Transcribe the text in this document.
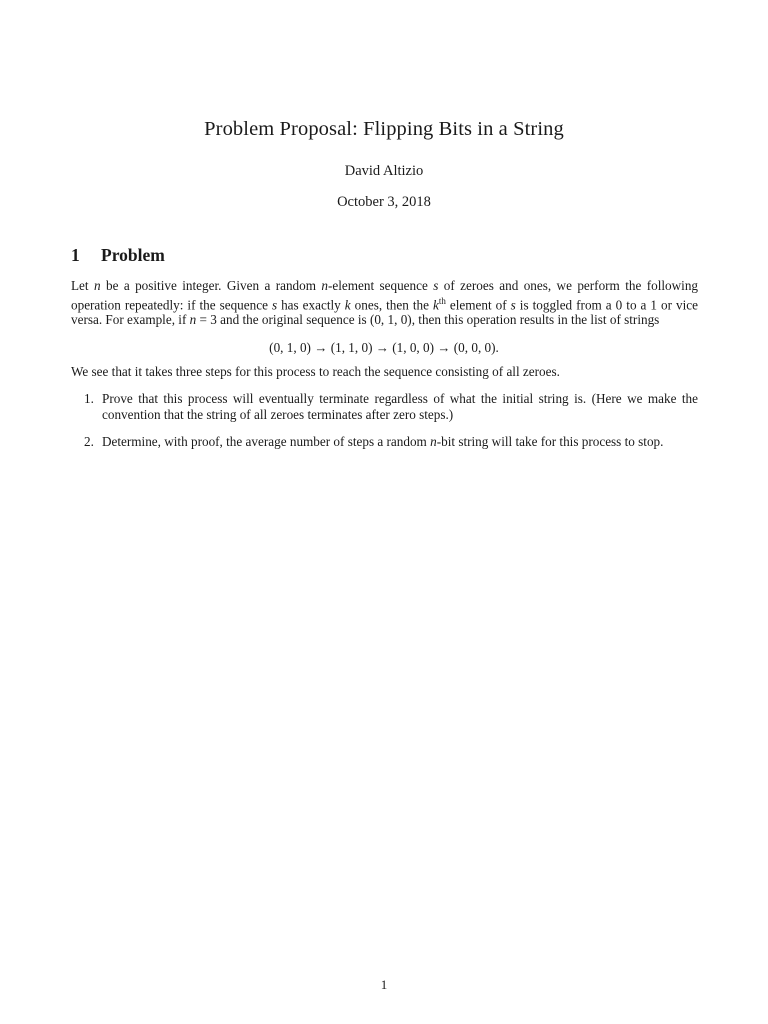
Problem Proposal: Flipping Bits in a String
David Altizio
October 3, 2018
1 Problem
Let n be a positive integer. Given a random n-element sequence s of zeroes and ones, we perform the following operation repeatedly: if the sequence s has exactly k ones, then the $k^{th}$ element of s is toggled from a 0 to a 1 or vice versa. For example, if n = 3 and the original sequence is (0, 1, 0), then this operation results in the list of strings
(0, 1, 0) → (1, 1, 0) → (1, 0, 0) → (0, 0, 0).
We see that it takes three steps for this process to reach the sequence consisting of all zeroes.
1. Prove that this process will eventually terminate regardless of what the initial string is. (Here we make the convention that the string of all zeroes terminates after zero steps.)
2. Determine, with proof, the average number of steps a random n-bit string will take for this process to stop.
1
